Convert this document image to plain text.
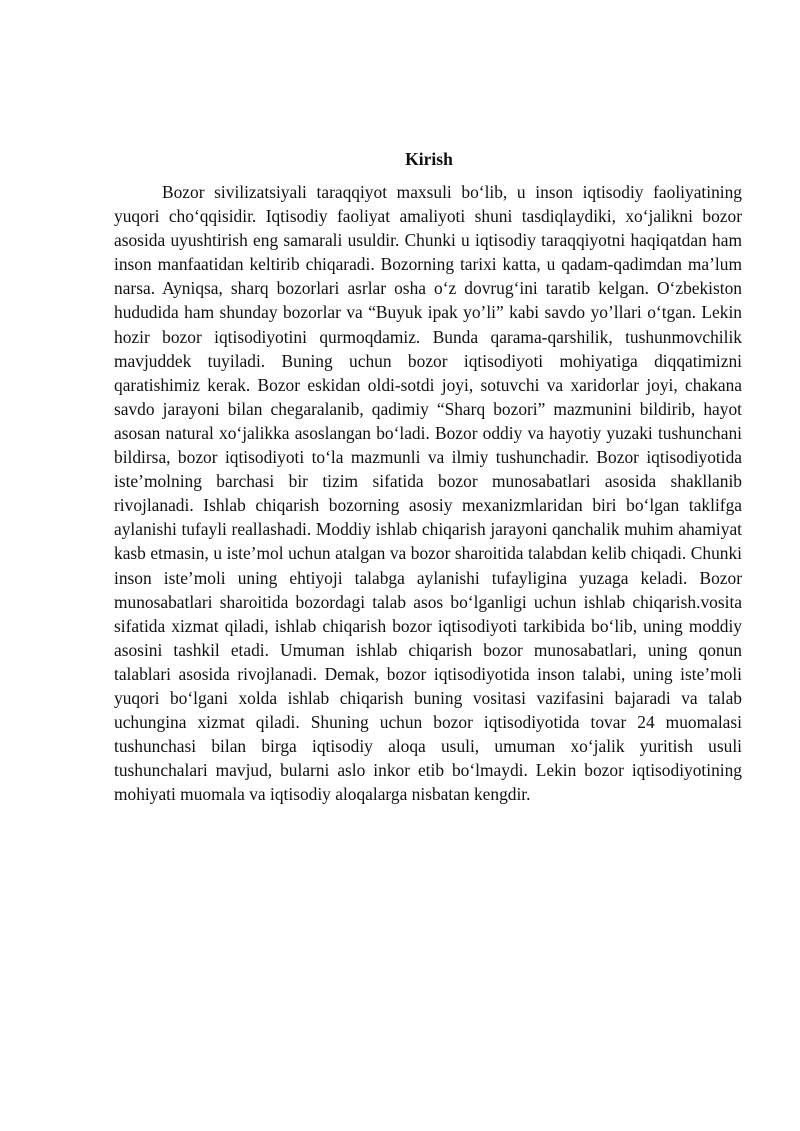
Kirish

Bozor sivilizatsiyali taraqqiyot maxsuli bo‘lib, u inson iqtisodiy faoliyatining yuqori cho‘qqisidir. Iqtisodiy faoliyat amaliyoti shuni tasdiqlaydiki, xo‘jalikni bozor asosida uyushtirish eng samarali usuldir. Chunki u iqtisodiy taraqqiyotni haqiqatdan ham inson manfaatidan keltirib chiqaradi. Bozorning tarixi katta, u qadam-qadimdan ma’lum narsa. Ayniqsa, sharq bozorlari asrlar osha o‘z dovrug‘ini taratib kelgan. O‘zbekiston hududida ham shunday bozorlar va “Buyuk ipak yo’li” kabi savdo yo’llari o‘tgan. Lekin hozir bozor iqtisodiyotini qurmoqdamiz. Bunda qarama-qarshilik, tushunmovchilik mavjuddek tuyiladi. Buning uchun bozor iqtisodiyoti mohiyatiga diqqatimizni qaratishimiz kerak. Bozor eskidan oldi-sotdi joyi, sotuvchi va xaridorlar joyi, chakana savdo jarayoni bilan chegaralanib, qadimiy “Sharq bozori” mazmunini bildirib, hayot asosan natural xo‘jalikka asoslangan bo‘ladi. Bozor oddiy va hayotiy yuzaki tushunchani bildirsa, bozor iqtisodiyoti to‘la mazmunli va ilmiy tushunchadir. Bozor iqtisodiyotida iste’molning barchasi bir tizim sifatida bozor munosabatlari asosida shakllanib rivojlanadi. Ishlab chiqarish bozorning asosiy mexanizmlaridan biri bo‘lgan taklifga aylanishi tufayli reallashadi. Moddiy ishlab chiqarish jarayoni qanchalik muhim ahamiyat kasb etmasin, u iste’mol uchun atalgan va bozor sharoitida talabdan kelib chiqadi. Chunki inson iste’moli uning ehtiyoji talabga aylanishi tufayligina yuzaga keladi. Bozor munosabatlari sharoitida bozordagi talab asos bo‘lganligi uchun ishlab chiqarish.vosita sifatida xizmat qiladi, ishlab chiqarish bozor iqtisodiyoti tarkibida bo‘lib, uning moddiy asosini tashkil etadi. Umuman ishlab chiqarish bozor munosabatlari, uning qonun talablari asosida rivojlanadi. Demak, bozor iqtisodiyotida inson talabi, uning iste’moli yuqori bo‘lgani xolda ishlab chiqarish buning vositasi vazifasini bajaradi va talab uchungina xizmat qiladi. Shuning uchun bozor iqtisodiyotida tovar 24 muomalasi tushunchasi bilan birga iqtisodiy aloqa usuli, umuman xo‘jalik yuritish usuli tushunchalari mavjud, bularni aslo inkor etib bo‘lmaydi. Lekin bozor iqtisodiyotining mohiyati muomala va iqtisodiy aloqalarga nisbatan kengdir.
